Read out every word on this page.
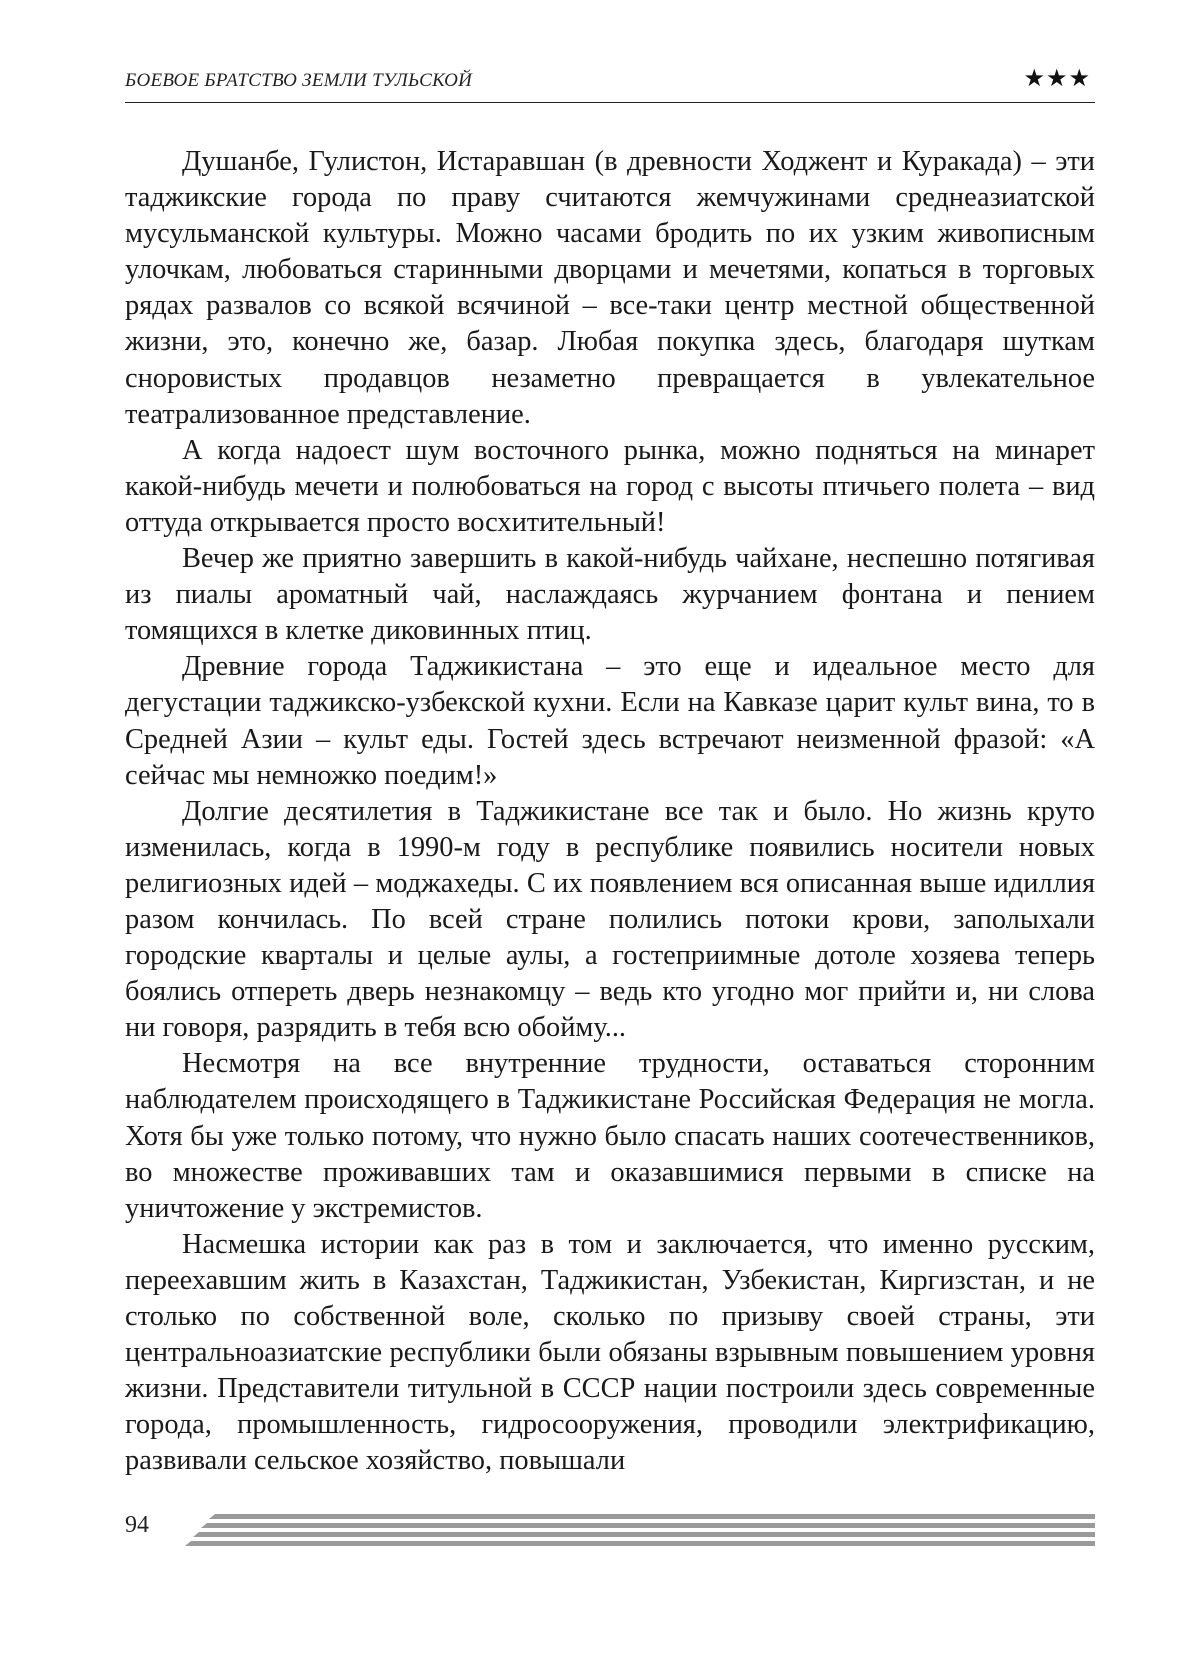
БОЕВОЕ БРАТСТВО ЗЕМЛИ ТУЛЬСКОЙ	★★★

Душанбе, Гулистон, Истаравшан (в древности Ходжент и Куракада) – эти таджикские города по праву считаются жемчужинами среднеазиатской мусульманской культуры. Можно часами бродить по их узким живописным улочкам, любоваться старинными дворцами и мечетями, копаться в торговых рядах развалов со всякой всячиной – все-таки центр местной общественной жизни, это, конечно же, базар. Любая покупка здесь, благодаря шуткам сноровистых продавцов незаметно превращается в увлекательное театрализованное представление.

А когда надоест шум восточного рынка, можно подняться на минарет какой-нибудь мечети и полюбоваться на город с высоты птичьего полета – вид оттуда открывается просто восхитительный!

Вечер же приятно завершить в какой-нибудь чайхане, неспешно потягивая из пиалы ароматный чай, наслаждаясь журчанием фонтана и пением томящихся в клетке диковинных птиц.

Древние города Таджикистана – это еще и идеальное место для дегустации таджикско-узбекской кухни. Если на Кавказе царит культ вина, то в Средней Азии – культ еды. Гостей здесь встречают неизменной фразой: «А сейчас мы немножко поедим!»

Долгие десятилетия в Таджикистане все так и было. Но жизнь круто изменилась, когда в 1990-м году в республике появились носители новых религиозных идей – моджахеды. С их появлением вся описанная выше идиллия разом кончилась. По всей стране полились потоки крови, заполыхали городские кварталы и целые аулы, а гостеприимные дотоле хозяева теперь боялись отпереть дверь незнакомцу – ведь кто угодно мог прийти и, ни слова ни говоря, разрядить в тебя всю обойму...

Несмотря на все внутренние трудности, оставаться сторонним наблюдателем происходящего в Таджикистане Российская Федерация не могла. Хотя бы уже только потому, что нужно было спасать наших соотечественников, во множестве проживавших там и оказавшимися первыми в списке на уничтожение у экстремистов.

Насмешка истории как раз в том и заключается, что именно русским, переехавшим жить в Казахстан, Таджикистан, Узбекистан, Киргизстан, и не столько по собственной воле, сколько по призыву своей страны, эти центральноазиатские республики были обязаны взрывным повышением уровня жизни. Представители титульной в СССР нации построили здесь современные города, промышленность, гидросооружения, проводили электрификацию, развивали сельское хозяйство, повышали

94
